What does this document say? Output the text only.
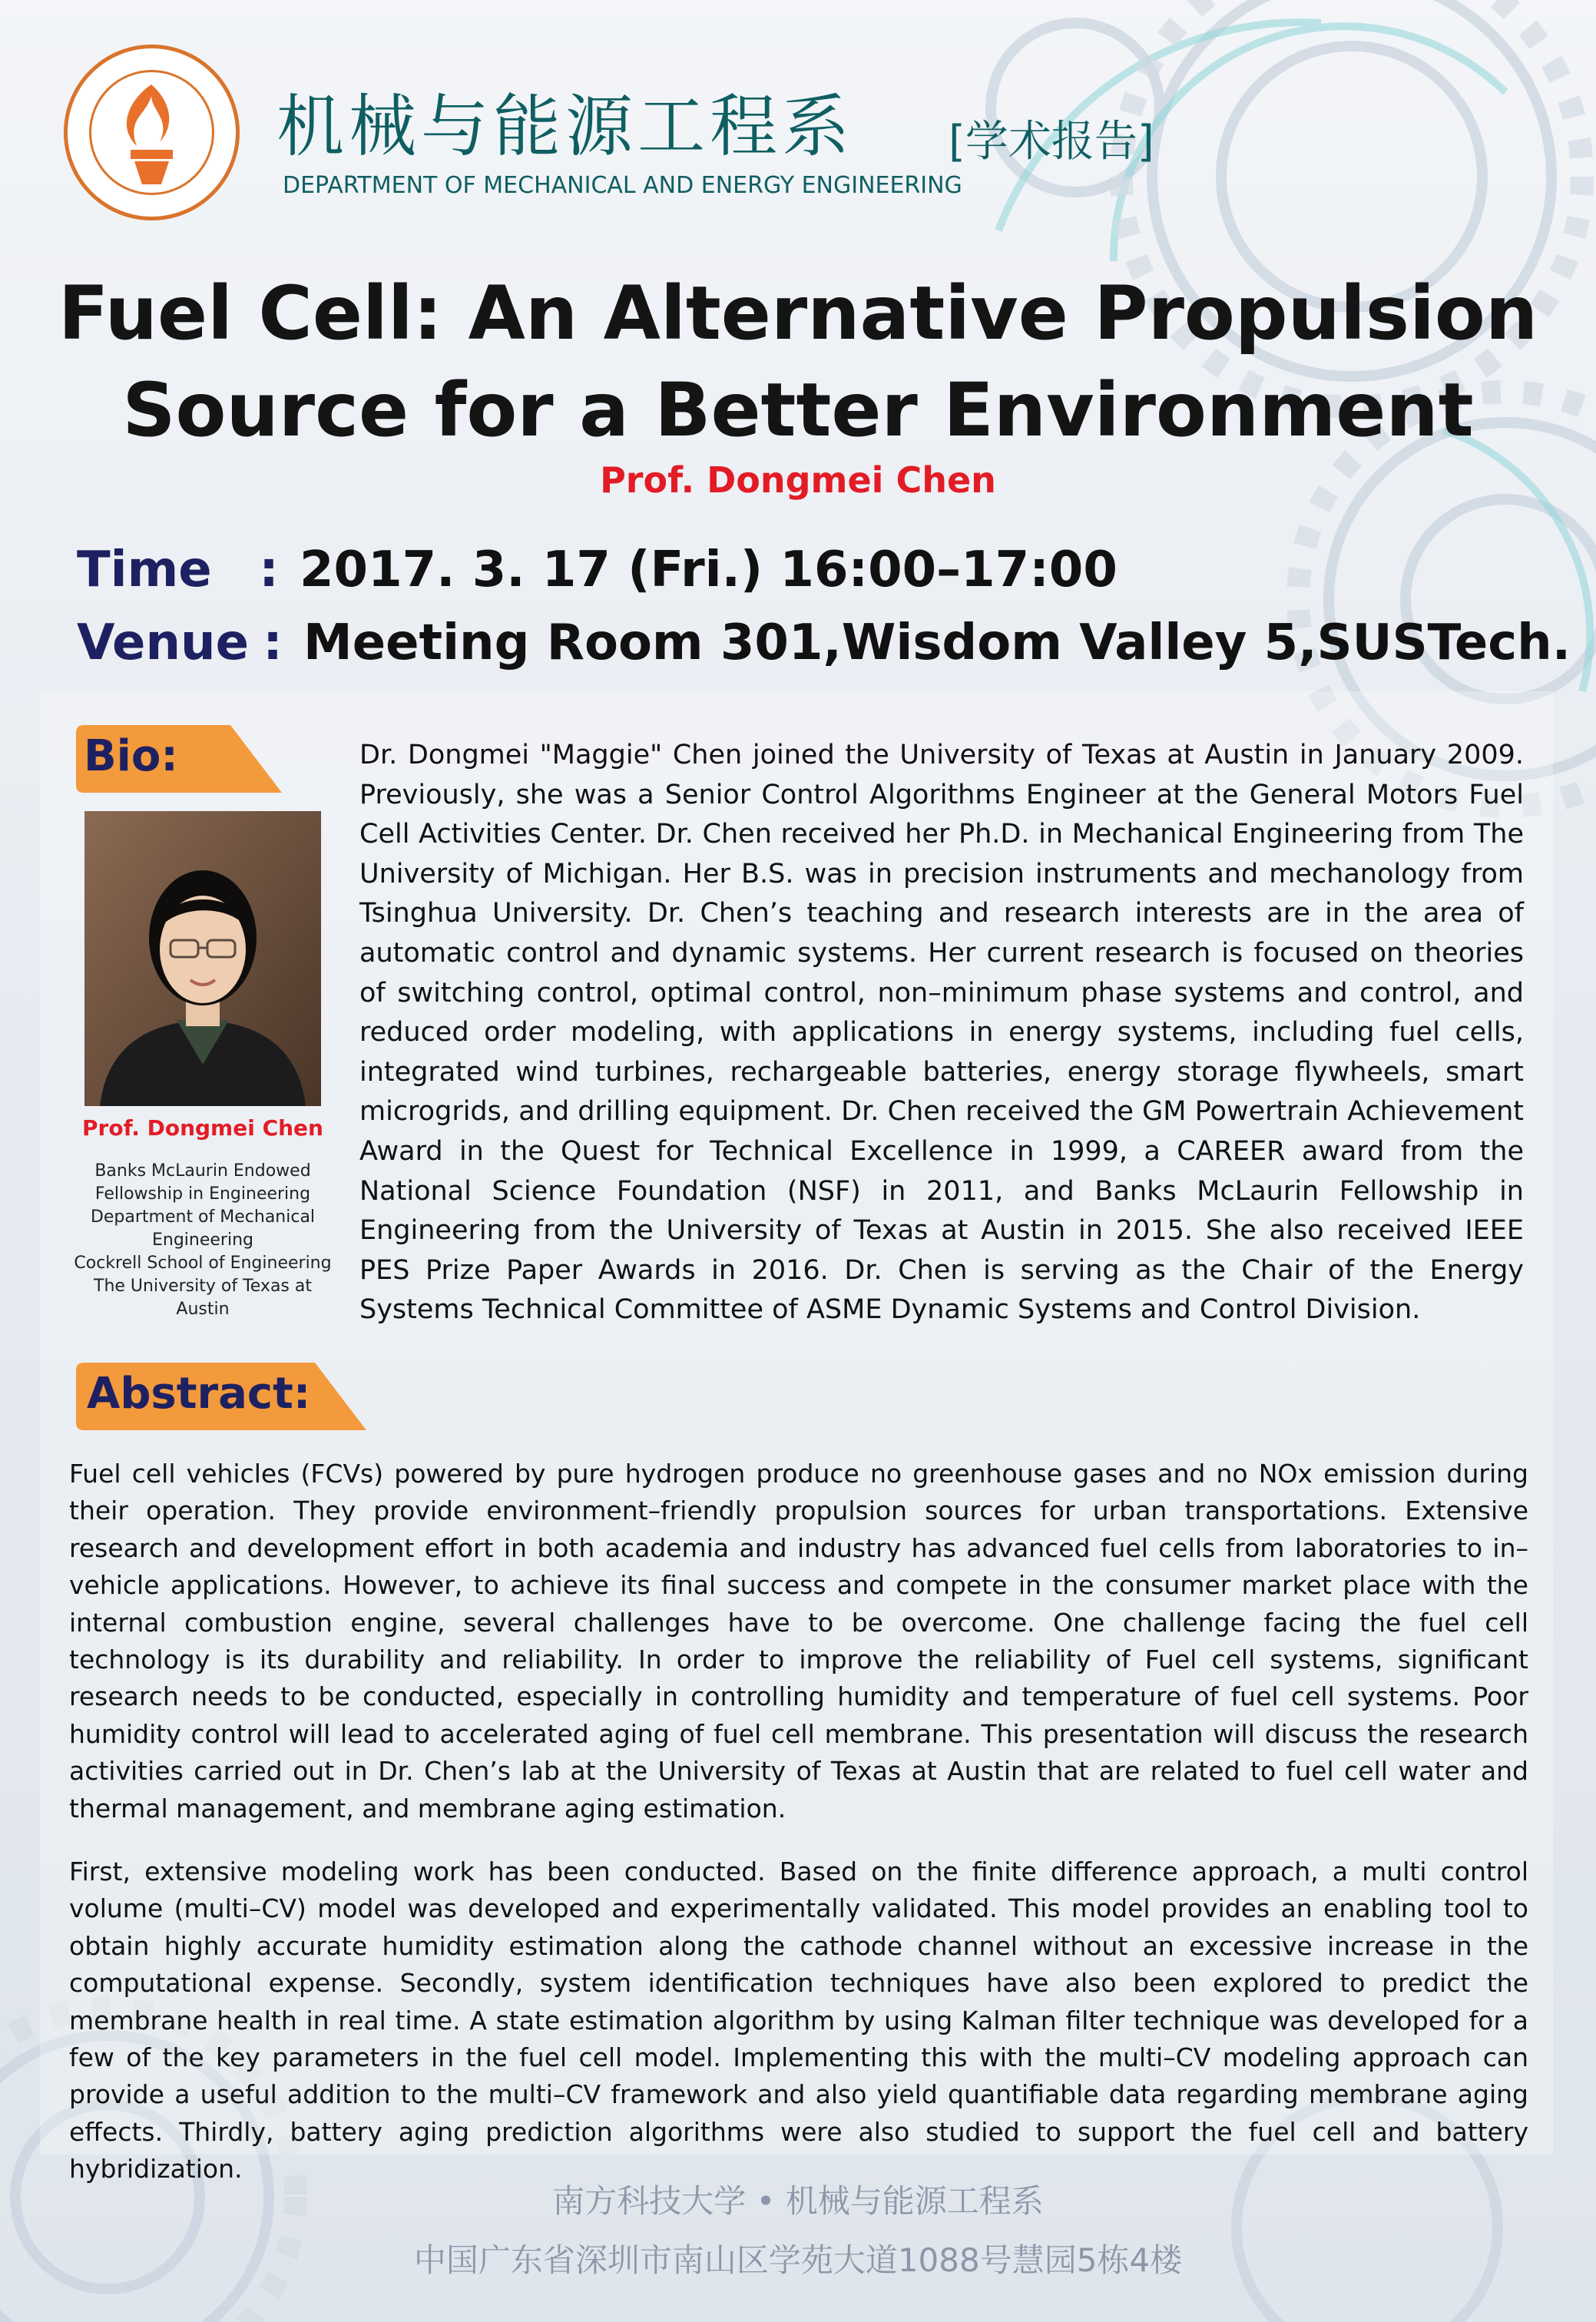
机械与能源工程系 [学术报告]
DEPARTMENT OF MECHANICAL AND ENERGY ENGINEERING
Fuel Cell: An Alternative Propulsion
Source for a Better Environment
Prof. Dongmei Chen
Time : 2017. 3. 17 (Fri.) 16:00–17:00
Venue : Meeting Room 301,Wisdom Valley 5,SUSTech.
Bio:
Prof. Dongmei Chen
Banks McLaurin Endowed
Fellowship in Engineering
Department of Mechanical
Engineering
Cockrell School of Engineering
The University of Texas at
Austin

Dr. Dongmei "Maggie" Chen joined the University of Texas at Austin in January 2009. Previously, she was a Senior Control Algorithms Engineer at the General Motors Fuel Cell Activities Center. Dr. Chen received her Ph.D. in Mechanical Engineering from The University of Michigan. Her B.S. was in precision instruments and mechanology from Tsinghua University. Dr. Chen’s teaching and research interests are in the area of automatic control and dynamic systems. Her current research is focused on theories of switching control, optimal control, non–minimum phase systems and control, and reduced order modeling, with applications in energy systems, including fuel cells, integrated wind turbines, rechargeable batteries, energy storage flywheels, smart microgrids, and drilling equipment. Dr. Chen received the GM Powertrain Achievement Award in the Quest for Technical Excellence in 1999, a CAREER award from the National Science Foundation (NSF) in 2011, and Banks McLaurin Fellowship in Engineering from the University of Texas at Austin in 2015. She also received IEEE PES Prize Paper Awards in 2016. Dr. Chen is serving as the Chair of the Energy Systems Technical Committee of ASME Dynamic Systems and Control Division.

Abstract:

Fuel cell vehicles (FCVs) powered by pure hydrogen produce no greenhouse gases and no NOx emission during their operation. They provide environment–friendly propulsion sources for urban transportations. Extensive research and development effort in both academia and industry has advanced fuel cells from laboratories to in–vehicle applications. However, to achieve its final success and compete in the consumer market place with the internal combustion engine, several challenges have to be overcome. One challenge facing the fuel cell technology is its durability and reliability. In order to improve the reliability of Fuel cell systems, significant research needs to be conducted, especially in controlling humidity and temperature of fuel cell systems. Poor humidity control will lead to accelerated aging of fuel cell membrane. This presentation will discuss the research activities carried out in Dr. Chen’s lab at the University of Texas at Austin that are related to fuel cell water and thermal management, and membrane aging estimation.

First, extensive modeling work has been conducted. Based on the finite difference approach, a multi control volume (multi–CV) model was developed and experimentally validated. This model provides an enabling tool to obtain highly accurate humidity estimation along the cathode channel without an excessive increase in the computational expense. Secondly, system identification techniques have also been explored to predict the membrane health in real time. A state estimation algorithm by using Kalman filter technique was developed for a few of the key parameters in the fuel cell model. Implementing this with the multi–CV modeling approach can provide a useful addition to the multi–CV framework and also yield quantifiable data regarding membrane aging effects. Thirdly, battery aging prediction algorithms were also studied to support the fuel cell and battery hybridization.

南方科技大学 • 机械与能源工程系
中国广东省深圳市南山区学苑大道1088号慧园5栋4楼
